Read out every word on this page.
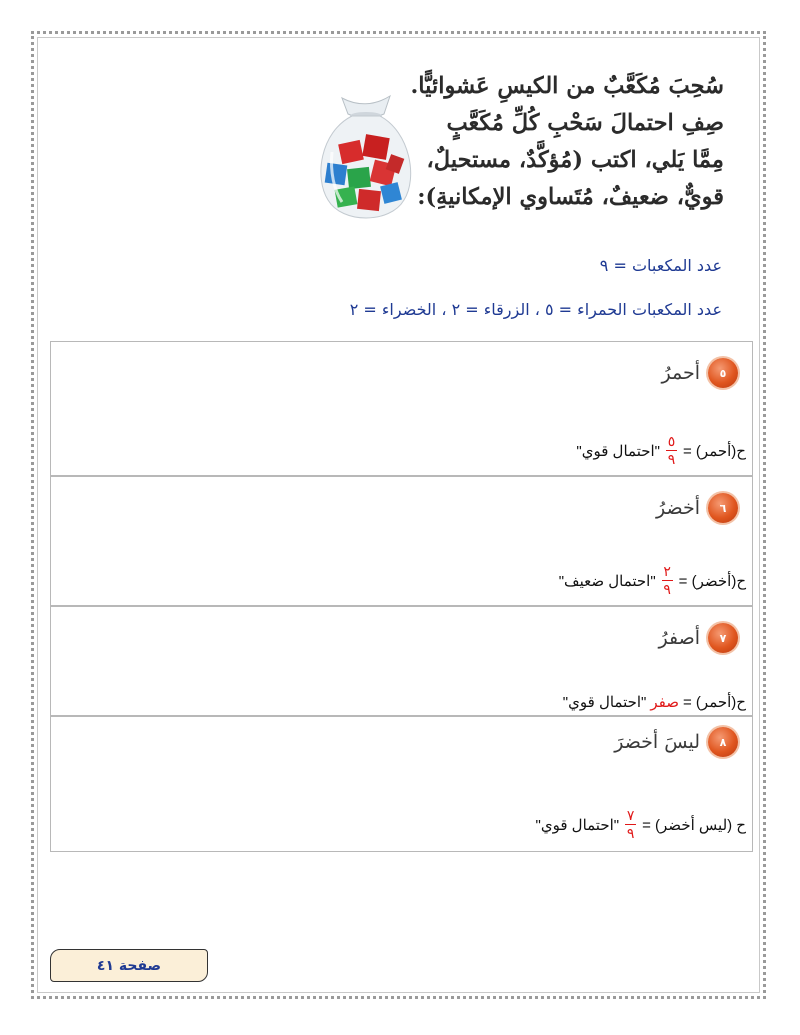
سُحِبَ مُكَعَّبٌ من الكيسِ عَشوائيًّا.
صِفِ احتمالَ سَحْبِ كُلِّ مُكَعَّبٍ
مِمَّا يَلي، اكتب (مُؤكَّدٌ، مستحيلٌ،
قويٌّ، ضعيفٌ، مُتَساوي الإمكانيةِ):
عدد المكعبات = ٩
عدد المكعبات الحمراء = ٥ ، الزرقاء = ٢ ، الخضراء = ٢
٥
أحمرُ
ح(أحمر) =
$\frac{٥}{٩}$
"احتمال قوي"
٦
أخضرُ
ح(أخضر) =
$\frac{٢}{٩}$
"احتمال ضعيف"
٧
أصفرُ
ح(أحمر) =
صفر
"احتمال قوي"
٨
ليسَ أخضرَ
ح (ليس أخضر) =
$\frac{٧}{٩}$
"احتمال قوي"
صفحة ٤١
